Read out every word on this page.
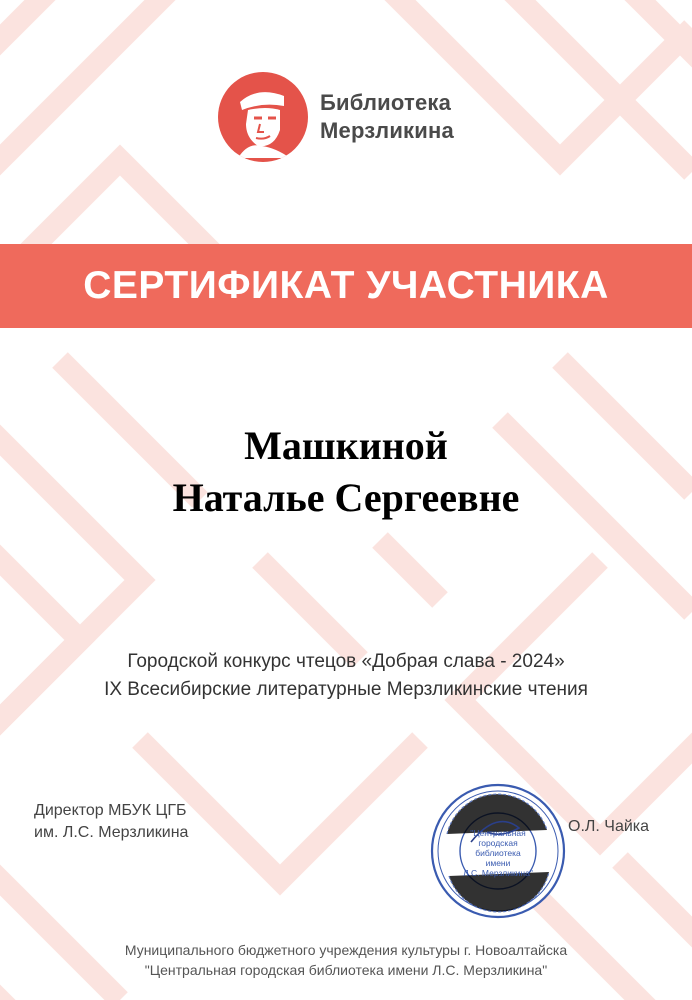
Библиотека
Мерзликина
СЕРТИФИКАТ УЧАСТНИКА
Машкиной
Наталье Сергеевне
Городской конкурс чтецов «Добрая слава - 2024»
IX Всесибирские литературные Мерзликинские чтения
Директор МБУК ЦГБ
им. Л.С. Мерзликина	"Центральная
городская
библиотека
имени
Л.С. Мерзликина"
О.Л. Чайка
Муниципального бюджетного учреждения культуры г. Новоалтайска
"Центральная городская библиотека имени Л.С. Мерзликина"
